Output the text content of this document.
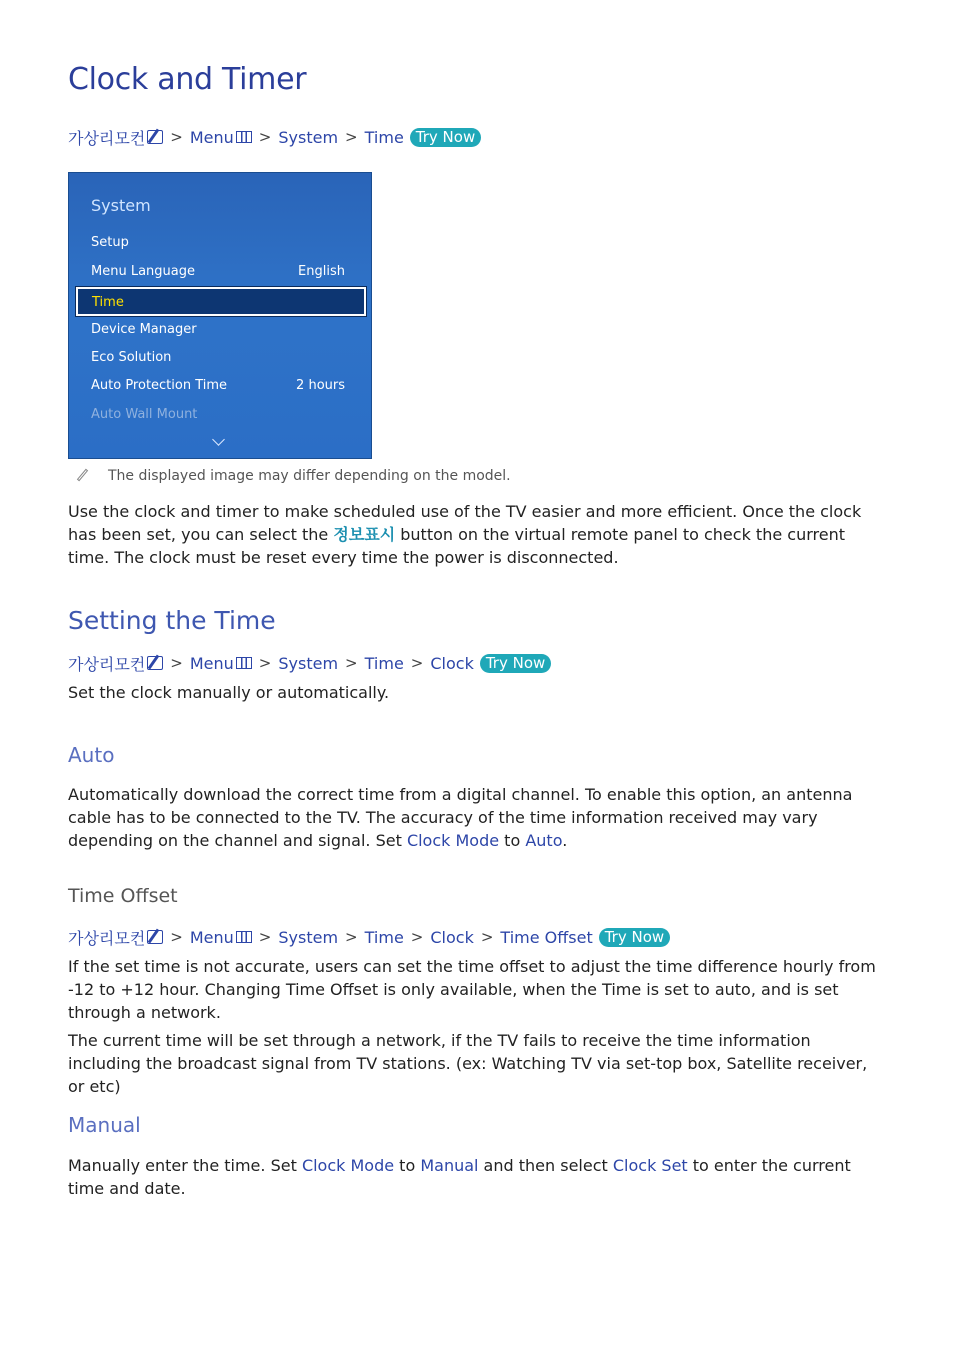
Clock and Timer
가상리모컨 > Menu > System > Time Try Now
System
Setup
Menu Language	English
Time
Device Manager
Eco Solution
Auto Protection Time	2 hours
Auto Wall Mount
The displayed image may differ depending on the model.

Use the clock and timer to make scheduled use of the TV easier and more efficient. Once the clock has been set, you can select the 정보표시 button on the virtual remote panel to check the current time. The clock must be reset every time the power is disconnected.

Setting the Time
가상리모컨 > Menu > System > Time > Clock Try Now

Set the clock manually or automatically.

Auto

Automatically download the correct time from a digital channel. To enable this option, an antenna cable has to be connected to the TV. The accuracy of the time information received may vary depending on the channel and signal. Set Clock Mode to Auto.

Time Offset
가상리모컨 > Menu > System > Time > Clock > Time Offset Try Now

If the set time is not accurate, users can set the time offset to adjust the time difference hourly from -12 to +12 hour. Changing Time Offset is only available, when the Time is set to auto, and is set through a network.

The current time will be set through a network, if the TV fails to receive the time information including the broadcast signal from TV stations. (ex: Watching TV via set-top box, Satellite receiver, or etc)

Manual

Manually enter the time. Set Clock Mode to Manual and then select Clock Set to enter the current time and date.
